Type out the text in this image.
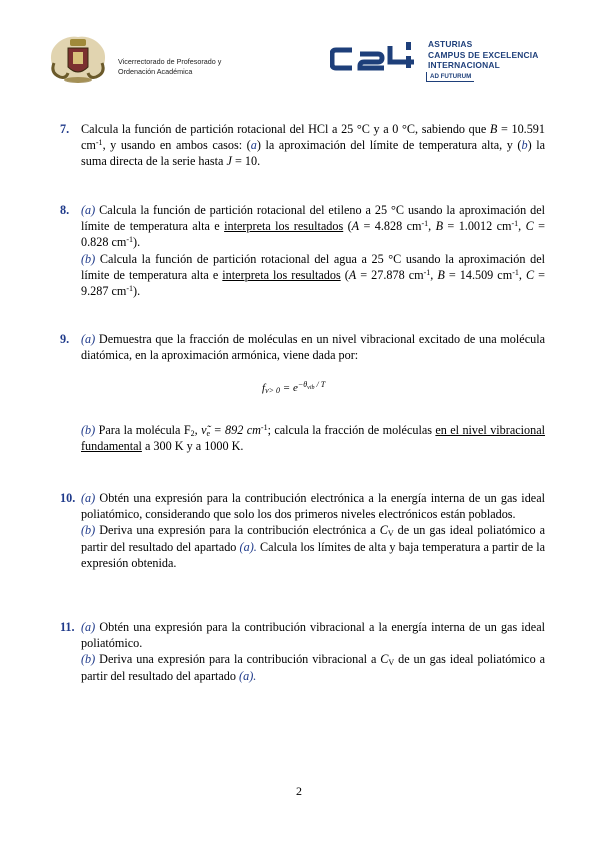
Vicerrectorado de Profesorado y
Ordenación Académica
ASTURIAS
CAMPUS DE EXCELENCIA
INTERNACIONAL
AD FUTURUM
7. Calcula la función de partición rotacional del HCl a 25 °C y a 0 °C, sabiendo que B = 10.591 $cm^{-1}$, y usando en ambos casos: (a) la aproximación del límite de temperatura alta, y (b) la suma directa de la serie hasta J = 10.

8. (a) Calcula la función de partición rotacional del etileno a 25 °C usando la aproximación del límite de temperatura alta e interpreta los resultados (A = 4.828 $cm^{-1}$, B = 1.0012 $cm^{-1}$, C = 0.828 $cm^{-1}$).

(b) Calcula la función de partición rotacional del agua a 25 °C usando la aproximación del límite de temperatura alta e interpreta los resultados (A = 27.878 $cm^{-1}$, B = 14.509 $cm^{-1}$, C = 9.287 $cm^{-1}$).

9. (a) Demuestra que la fracción de moléculas en un nivel vibracional excitado de una molécula diatómica, en la aproximación armónica, viene dada por:

$f_{v> 0} = e^{-\theta_{vib} / T}$

(b) Para la molécula $F_2$, $\nũ_e = 892$ $cm^{-1}$; calcula la fracción de moléculas en el nivel vibracional fundamental a 300 K y a 1000 K.

10. (a) Obtén una expresión para la contribución electrónica a la energía interna de un gas ideal poliatómico, considerando que solo los dos primeros niveles electrónicos están poblados.

(b) Deriva una expresión para la contribución electrónica a $C_V$ de un gas ideal poliatómico a partir del resultado del apartado (a). Calcula los límites de alta y baja temperatura a partir de la expresión obtenida.

11. (a) Obtén una expresión para la contribución vibracional a la energía interna de un gas ideal poliatómico.

(b) Deriva una expresión para la contribución vibracional a $C_V$ de un gas ideal poliatómico a partir del resultado del apartado (a).

2
